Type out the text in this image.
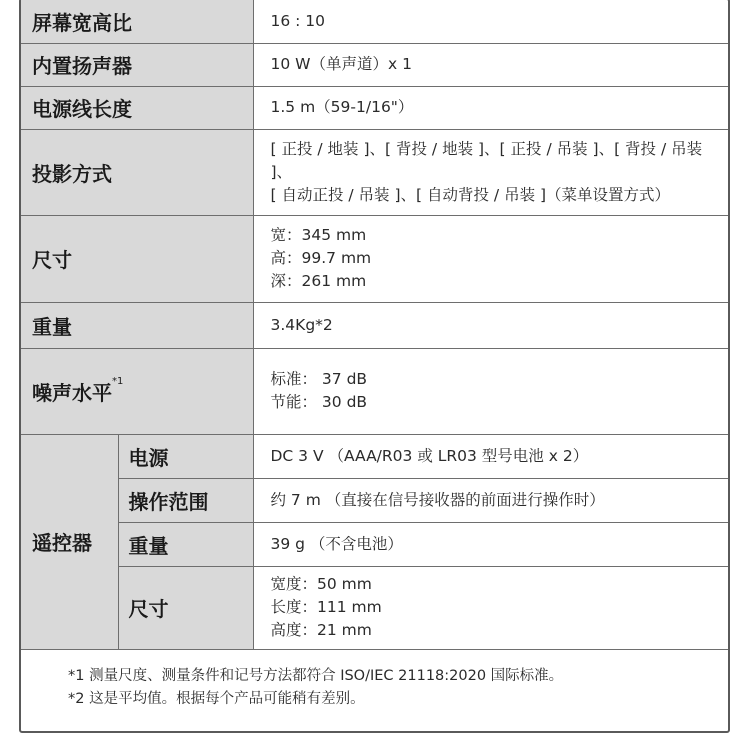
屏幕宽高比		16 : 10
内置扬声器		10 W（单声道）x 1
电源线长度		1.5 m（59-1/16"）
投影方式		[ 正投 / 地装 ]、[ 背投 / 地装 ]、[ 正投 / 吊装 ]、[ 背投 / 吊装 ]、
[ 自动正投 / 吊装 ]、[ 自动背投 / 吊装 ]（菜单设置方式）

尺寸		宽：345 mm
高：99.7 mm
深：261 mm

重量		3.4Kg*2
噪声水平$^{*1}$		标准： 37 dB
节能： 30 dB

遥控器	电源	DC 3 V （AAA/R03 或 LR03 型号电池 x 2）
	操作范围	约 7 m （直接在信号接收器的前面进行操作时）
	重量	39 g （不含电池）
	尺寸	宽度：50 mm
长度：111 mm
高度：21 mm
*1 测量尺度、测量条件和记号方法都符合 ISO/IEC 21118:2020 国际标准。
*2 这是平均值。根据每个产品可能稍有差别。
